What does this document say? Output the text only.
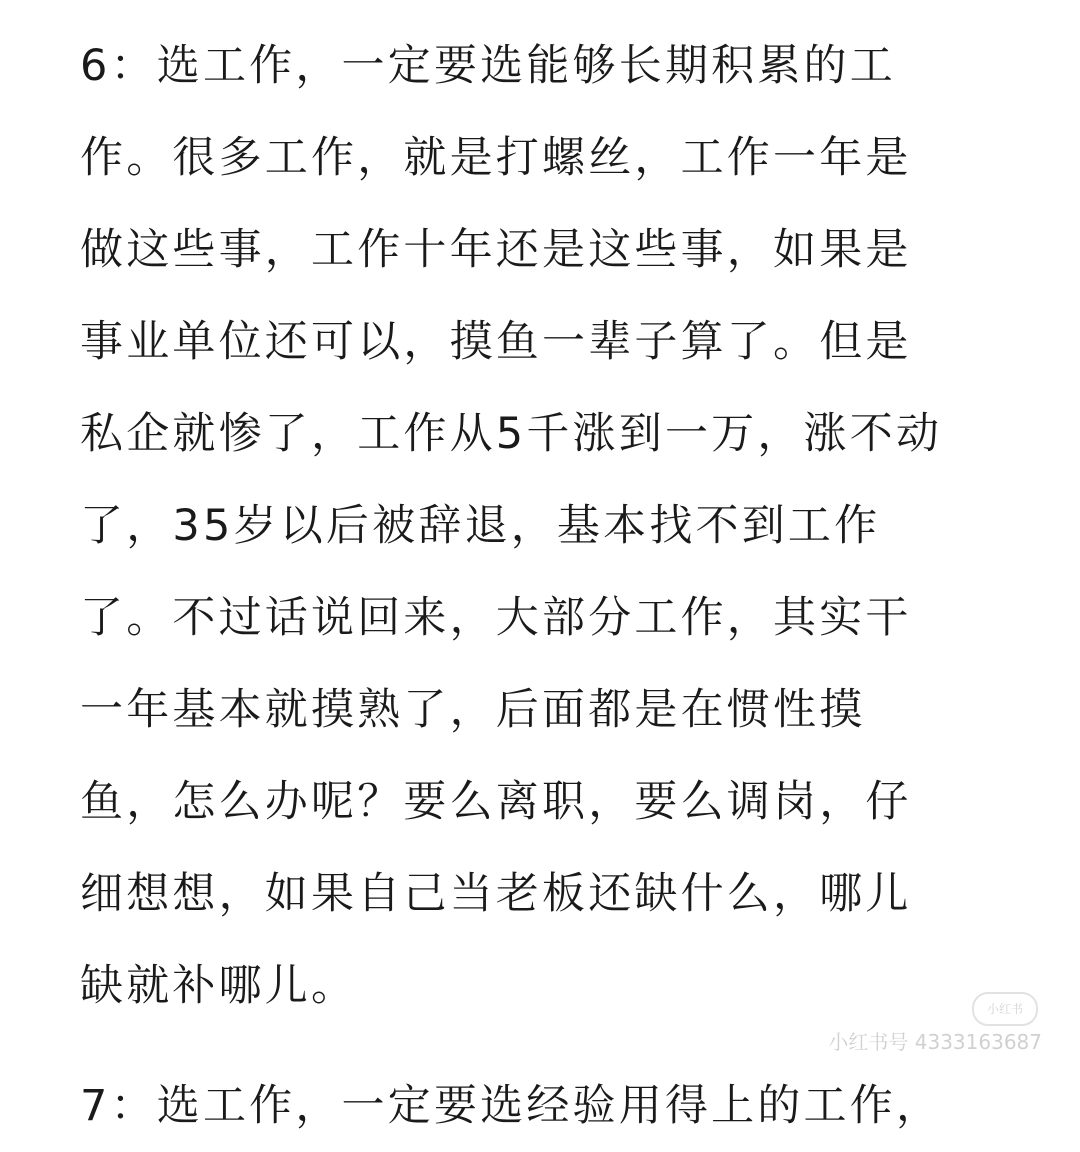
6：选工作，一定要选能够长期积累的工
作。很多工作，就是打螺丝，工作一年是
做这些事，工作十年还是这些事，如果是
事业单位还可以，摸鱼一辈子算了。但是
私企就惨了，工作从5千涨到一万，涨不动
了，35岁以后被辞退，基本找不到工作
了。不过话说回来，大部分工作，其实干
一年基本就摸熟了，后面都是在惯性摸
鱼，怎么办呢？要么离职，要么调岗，仔
细想想，如果自己当老板还缺什么，哪儿
缺就补哪儿。

7：选工作，一定要选经验用得上的工作，

小红书
小红书号 4333163687
